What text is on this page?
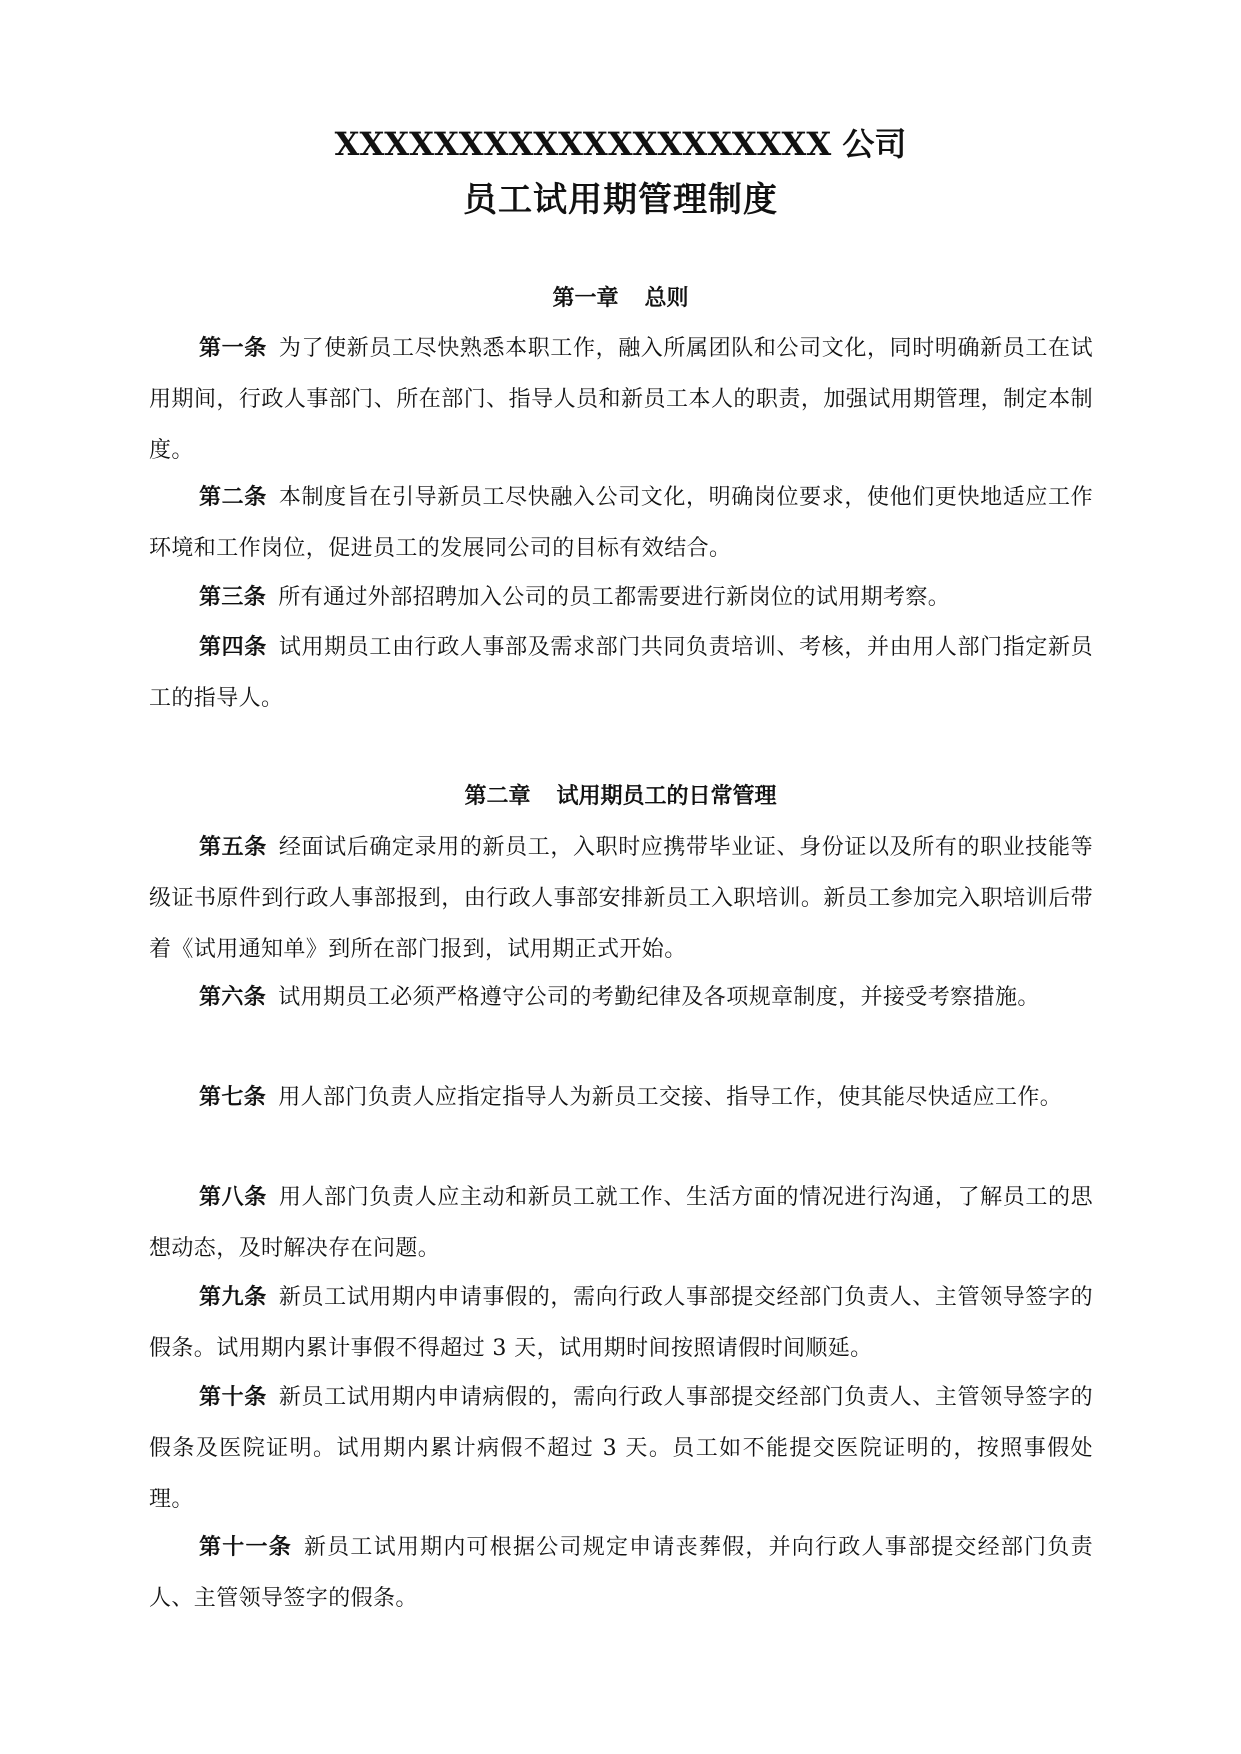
XXXXXXXXXXXXXXXXXXXX 公司
员工试用期管理制度
第一章 总则
第一条 为了使新员工尽快熟悉本职工作，融入所属团队和公司文化，同时明确新员工在试用期间，行政人事部门、所在部门、指导人员和新员工本人的职责，加强试用期管理，制定本制度。
第二条 本制度旨在引导新员工尽快融入公司文化，明确岗位要求，使他们更快地适应工作环境和工作岗位，促进员工的发展同公司的目标有效结合。
第三条 所有通过外部招聘加入公司的员工都需要进行新岗位的试用期考察。
第四条 试用期员工由行政人事部及需求部门共同负责培训、考核，并由用人部门指定新员工的指导人。
第二章 试用期员工的日常管理
第五条 经面试后确定录用的新员工，入职时应携带毕业证、身份证以及所有的职业技能等级证书原件到行政人事部报到，由行政人事部安排新员工入职培训。新员工参加完入职培训后带着《试用通知单》到所在部门报到，试用期正式开始。
第六条 试用期员工必须严格遵守公司的考勤纪律及各项规章制度，并接受考察措施。
第七条 用人部门负责人应指定指导人为新员工交接、指导工作，使其能尽快适应工作。
第八条 用人部门负责人应主动和新员工就工作、生活方面的情况进行沟通，了解员工的思想动态，及时解决存在问题。
第九条 新员工试用期内申请事假的，需向行政人事部提交经部门负责人、主管领导签字的假条。试用期内累计事假不得超过 3 天，试用期时间按照请假时间顺延。
第十条 新员工试用期内申请病假的，需向行政人事部提交经部门负责人、主管领导签字的假条及医院证明。试用期内累计病假不超过 3 天。员工如不能提交医院证明的，按照事假处理。
第十一条 新员工试用期内可根据公司规定申请丧葬假，并向行政人事部提交经部门负责人、主管领导签字的假条。
